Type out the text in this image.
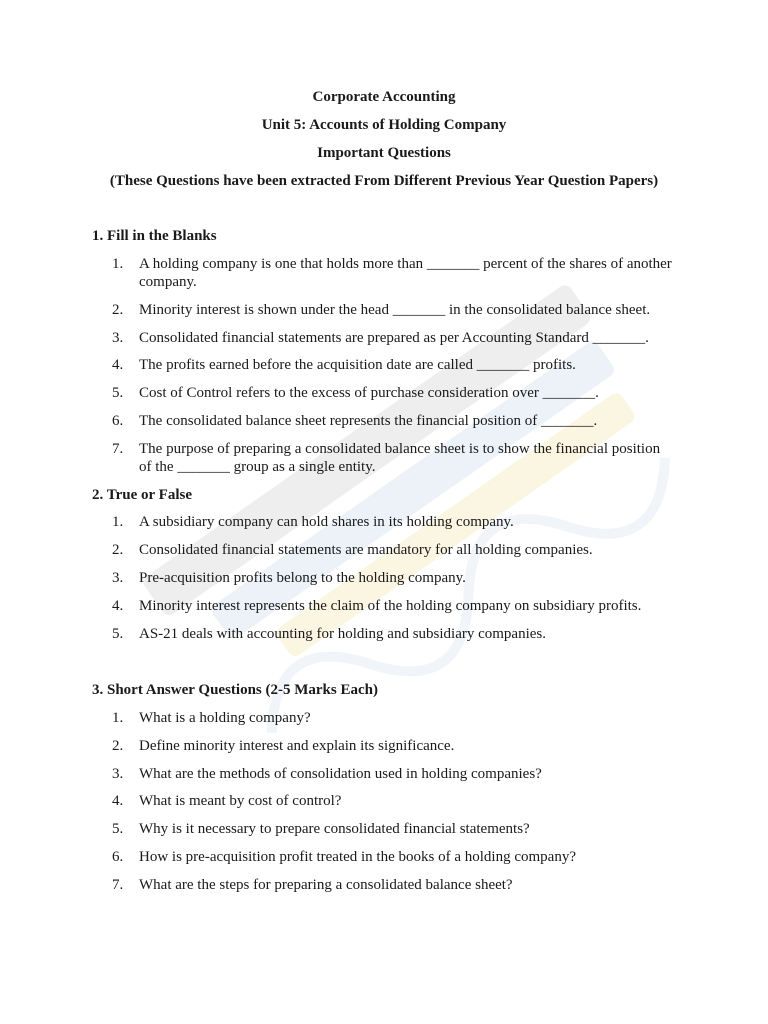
Corporate Accounting
Unit 5: Accounts of Holding Company
Important Questions
(These Questions have been extracted From Different Previous Year Question Papers)
1. Fill in the Blanks
1.	A holding company is one that holds more than _______ percent of the shares of another company.
2.	Minority interest is shown under the head _______ in the consolidated balance sheet.
3.	Consolidated financial statements are prepared as per Accounting Standard _______.
4.	The profits earned before the acquisition date are called _______ profits.
5.	Cost of Control refers to the excess of purchase consideration over _______.
6.	The consolidated balance sheet represents the financial position of _______.
7.	The purpose of preparing a consolidated balance sheet is to show the financial position of the _______ group as a single entity.
2. True or False
1.	A subsidiary company can hold shares in its holding company.
2.	Consolidated financial statements are mandatory for all holding companies.
3.	Pre-acquisition profits belong to the holding company.
4.	Minority interest represents the claim of the holding company on subsidiary profits.
5.	AS-21 deals with accounting for holding and subsidiary companies.
3. Short Answer Questions (2-5 Marks Each)
1.	What is a holding company?
2.	Define minority interest and explain its significance.
3.	What are the methods of consolidation used in holding companies?
4.	What is meant by cost of control?
5.	Why is it necessary to prepare consolidated financial statements?
6.	How is pre-acquisition profit treated in the books of a holding company?
7.	What are the steps for preparing a consolidated balance sheet?
